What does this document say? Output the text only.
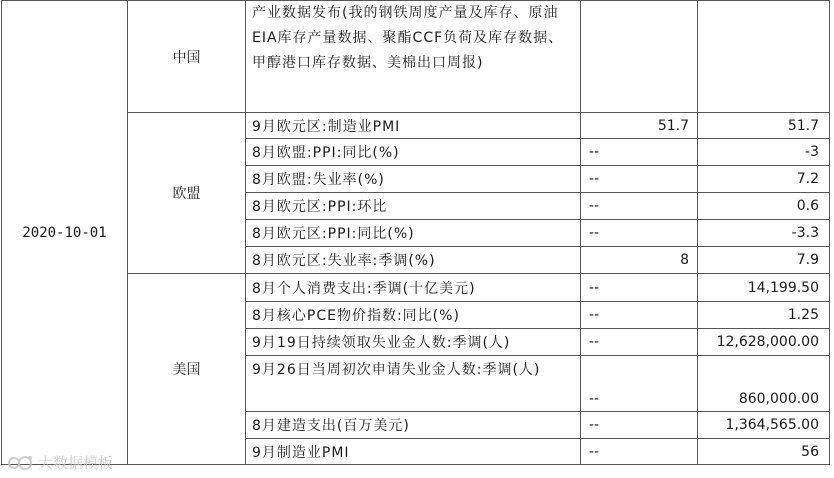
2020-10-01	中国	产业数据发布(我的钢铁周度产量及库存、原油EIA库存产量数据、聚酯CCF负荷及库存数据、甲醇港口库存数据、美棉出口周报)		
	欧盟	9月欧元区:制造业PMI	51.7	51.7
		8月欧盟:PPI:同比(%)	--	-3
		8月欧盟:失业率(%)	--	7.2
		8月欧元区:PPI:环比	--	0.6
		8月欧元区:PPI:同比(%)	--	-3.3
		8月欧元区:失业率:季调(%)	8	7.9
	美国	8月个人消费支出:季调(十亿美元)	--	14,199.50
		8月核心PCE物价指数:同比(%)	--	1.25
		9月19日持续领取失业金人数:季调(人)	--	12,628,000.00
		9月26日当周初次申请失业金人数:季调(人)	--	860,000.00
		8月建造支出(百万美元)	--	1,364,565.00
		9月制造业PMI	--	56
大数据模板
